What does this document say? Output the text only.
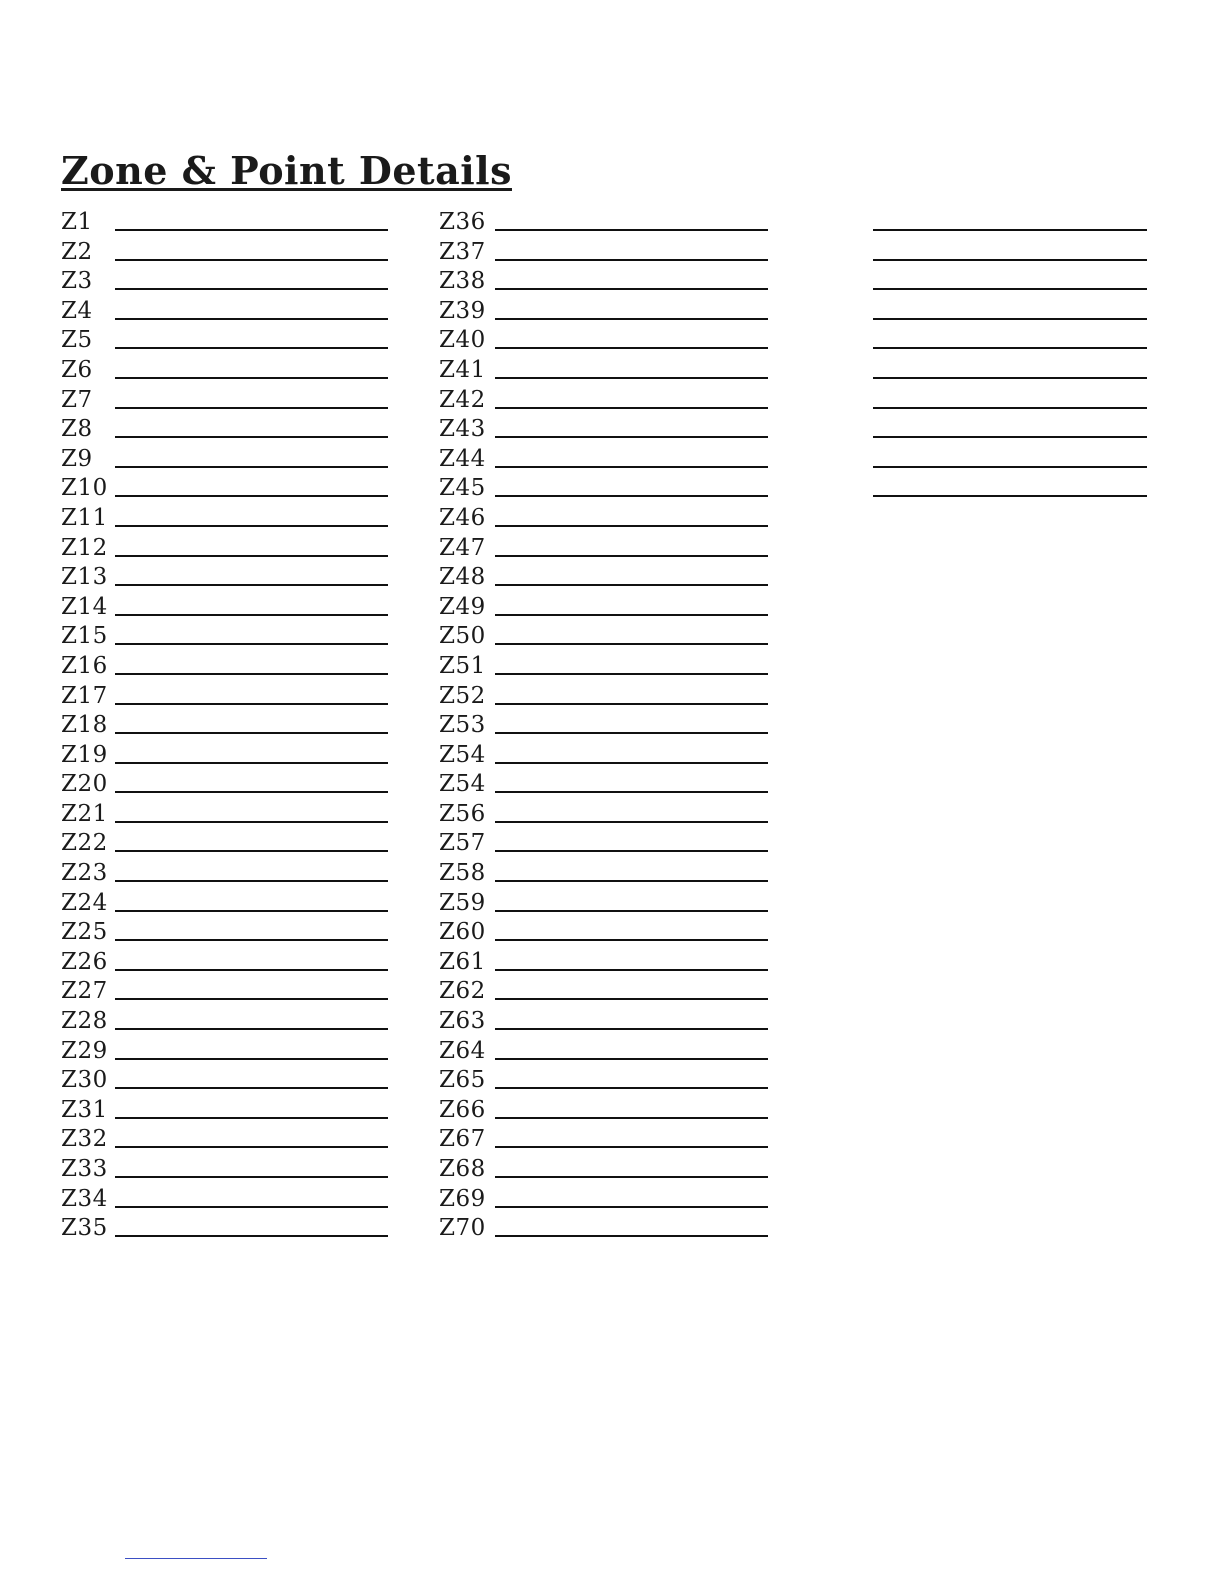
Zone & Point Details
Z1
Z2
Z3
Z4
Z5
Z6
Z7
Z8
Z9
Z10
Z11
Z12
Z13
Z14
Z15
Z16
Z17
Z18
Z19
Z20
Z21
Z22
Z23
Z24
Z25
Z26
Z27
Z28
Z29
Z30
Z31
Z32
Z33
Z34
Z35
Z36
Z37
Z38
Z39
Z40
Z41
Z42
Z43
Z44
Z45
Z46
Z47
Z48
Z49
Z50
Z51
Z52
Z53
Z54
Z54
Z56
Z57
Z58
Z59
Z60
Z61
Z62
Z63
Z64
Z65
Z66
Z67
Z68
Z69
Z70
